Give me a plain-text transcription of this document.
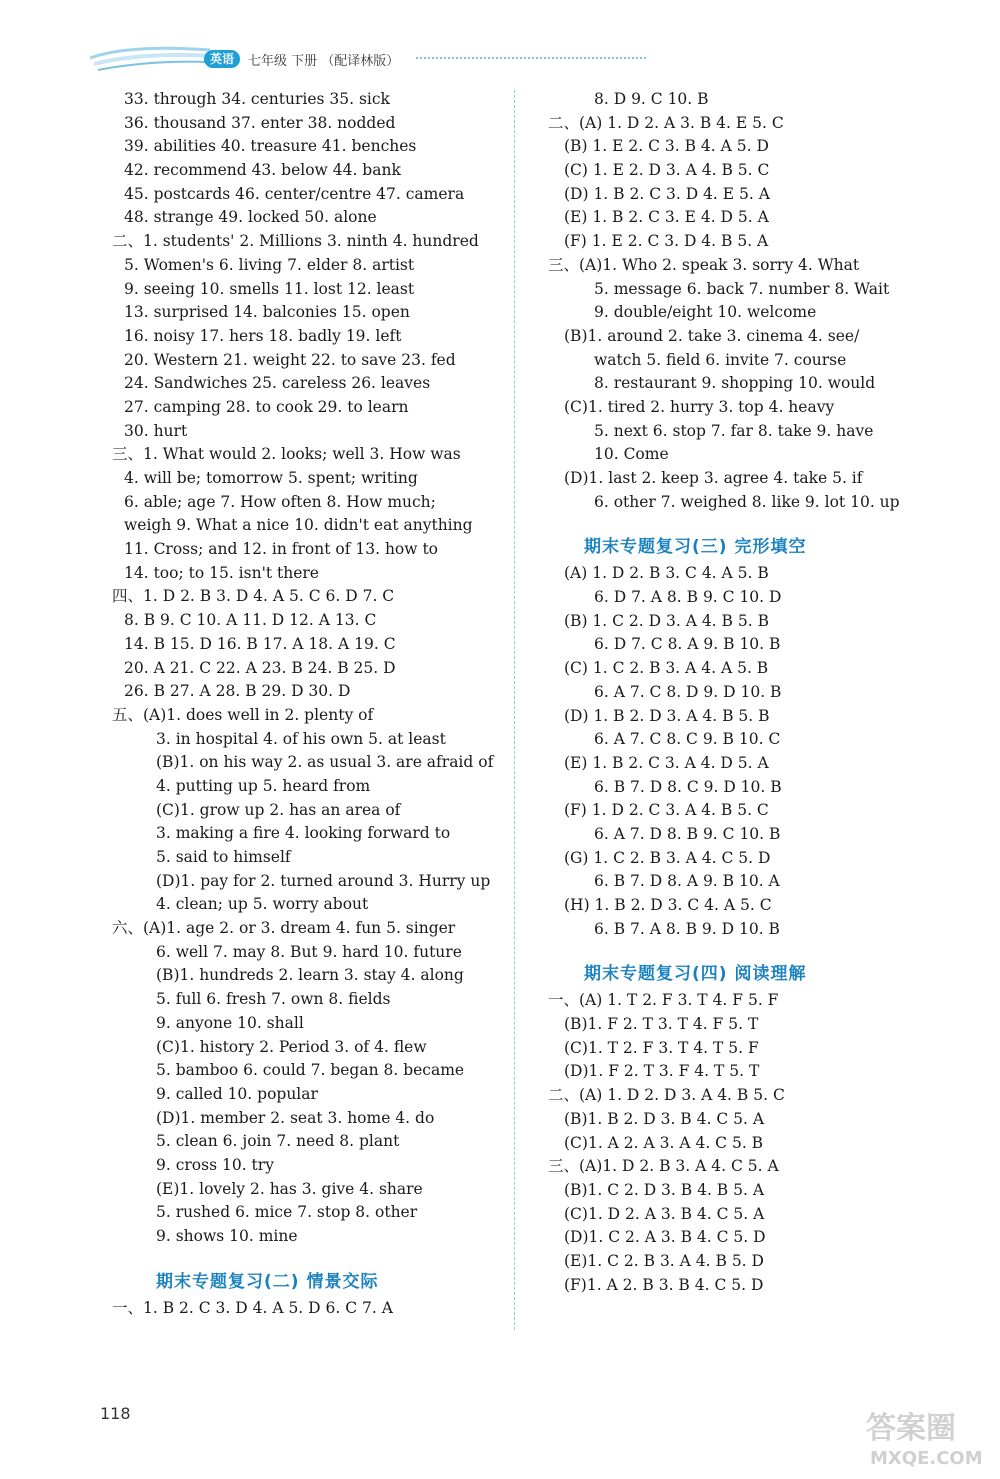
英语	七年级 下册 （配译林版）
33. through 34. centuries 35. sick
36. thousand 37. enter 38. nodded
39. abilities 40. treasure 41. benches
42. recommend 43. below 44. bank
45. postcards 46. center/centre 47. camera
48. strange 49. locked 50. alone
二、1. students' 2. Millions 3. ninth 4. hundred
5. Women's 6. living 7. elder 8. artist
9. seeing 10. smells 11. lost 12. least
13. surprised 14. balconies 15. open
16. noisy 17. hers 18. badly 19. left
20. Western 21. weight 22. to save 23. fed
24. Sandwiches 25. careless 26. leaves
27. camping 28. to cook 29. to learn
30. hurt
三、1. What would 2. looks; well 3. How was
4. will be; tomorrow 5. spent; writing
6. able; age 7. How often 8. How much;
weigh 9. What a nice 10. didn't eat anything
11. Cross; and 12. in front of 13. how to
14. too; to 15. isn't there
四、1. D 2. B 3. D 4. A 5. C 6. D 7. C
8. B 9. C 10. A 11. D 12. A 13. C
14. B 15. D 16. B 17. A 18. A 19. C
20. A 21. C 22. A 23. B 24. B 25. D
26. B 27. A 28. B 29. D 30. D
五、(A)1. does well in 2. plenty of
3. in hospital 4. of his own 5. at least
(B)1. on his way 2. as usual 3. are afraid of
4. putting up 5. heard from
(C)1. grow up 2. has an area of
3. making a fire 4. looking forward to
5. said to himself
(D)1. pay for 2. turned around 3. Hurry up
4. clean; up 5. worry about
六、(A)1. age 2. or 3. dream 4. fun 5. singer
6. well 7. may 8. But 9. hard 10. future
(B)1. hundreds 2. learn 3. stay 4. along
5. full 6. fresh 7. own 8. fields
9. anyone 10. shall
(C)1. history 2. Period 3. of 4. flew
5. bamboo 6. could 7. began 8. became
9. called 10. popular
(D)1. member 2. seat 3. home 4. do
5. clean 6. join 7. need 8. plant
9. cross 10. try
(E)1. lovely 2. has 3. give 4. share
5. rushed 6. mice 7. stop 8. other
9. shows 10. mine
期末专题复习(二) 情景交际
一、1. B 2. C 3. D 4. A 5. D 6. C 7. A
8. D 9. C 10. B
二、(A) 1. D 2. A 3. B 4. E 5. C
(B) 1. E 2. C 3. B 4. A 5. D
(C) 1. E 2. D 3. A 4. B 5. C
(D) 1. B 2. C 3. D 4. E 5. A
(E) 1. B 2. C 3. E 4. D 5. A
(F) 1. E 2. C 3. D 4. B 5. A
三、(A)1. Who 2. speak 3. sorry 4. What
5. message 6. back 7. number 8. Wait
9. double/eight 10. welcome
(B)1. around 2. take 3. cinema 4. see/
watch 5. field 6. invite 7. course
8. restaurant 9. shopping 10. would
(C)1. tired 2. hurry 3. top 4. heavy
5. next 6. stop 7. far 8. take 9. have
10. Come
(D)1. last 2. keep 3. agree 4. take 5. if
6. other 7. weighed 8. like 9. lot 10. up
期末专题复习(三) 完形填空
(A) 1. D 2. B 3. C 4. A 5. B
6. D 7. A 8. B 9. C 10. D
(B) 1. C 2. D 3. A 4. B 5. B
6. D 7. C 8. A 9. B 10. B
(C) 1. C 2. B 3. A 4. A 5. B
6. A 7. C 8. D 9. D 10. B
(D) 1. B 2. D 3. A 4. B 5. B
6. A 7. C 8. C 9. B 10. C
(E) 1. B 2. C 3. A 4. D 5. A
6. B 7. D 8. C 9. D 10. B
(F) 1. D 2. C 3. A 4. B 5. C
6. A 7. D 8. B 9. C 10. B
(G) 1. C 2. B 3. A 4. C 5. D
6. B 7. D 8. A 9. B 10. A
(H) 1. B 2. D 3. C 4. A 5. C
6. B 7. A 8. B 9. D 10. B
期末专题复习(四) 阅读理解
一、(A) 1. T 2. F 3. T 4. F 5. F
(B)1. F 2. T 3. T 4. F 5. T
(C)1. T 2. F 3. T 4. T 5. F
(D)1. F 2. T 3. F 4. T 5. T
二、(A) 1. D 2. D 3. A 4. B 5. C
(B)1. B 2. D 3. B 4. C 5. A
(C)1. A 2. A 3. A 4. C 5. B
三、(A)1. D 2. B 3. A 4. C 5. A
(B)1. C 2. D 3. B 4. B 5. A
(C)1. D 2. A 3. B 4. C 5. A
(D)1. C 2. A 3. B 4. C 5. D
(E)1. C 2. B 3. A 4. B 5. D
(F)1. A 2. B 3. B 4. C 5. D
118	答案圈
MXQE.COM
